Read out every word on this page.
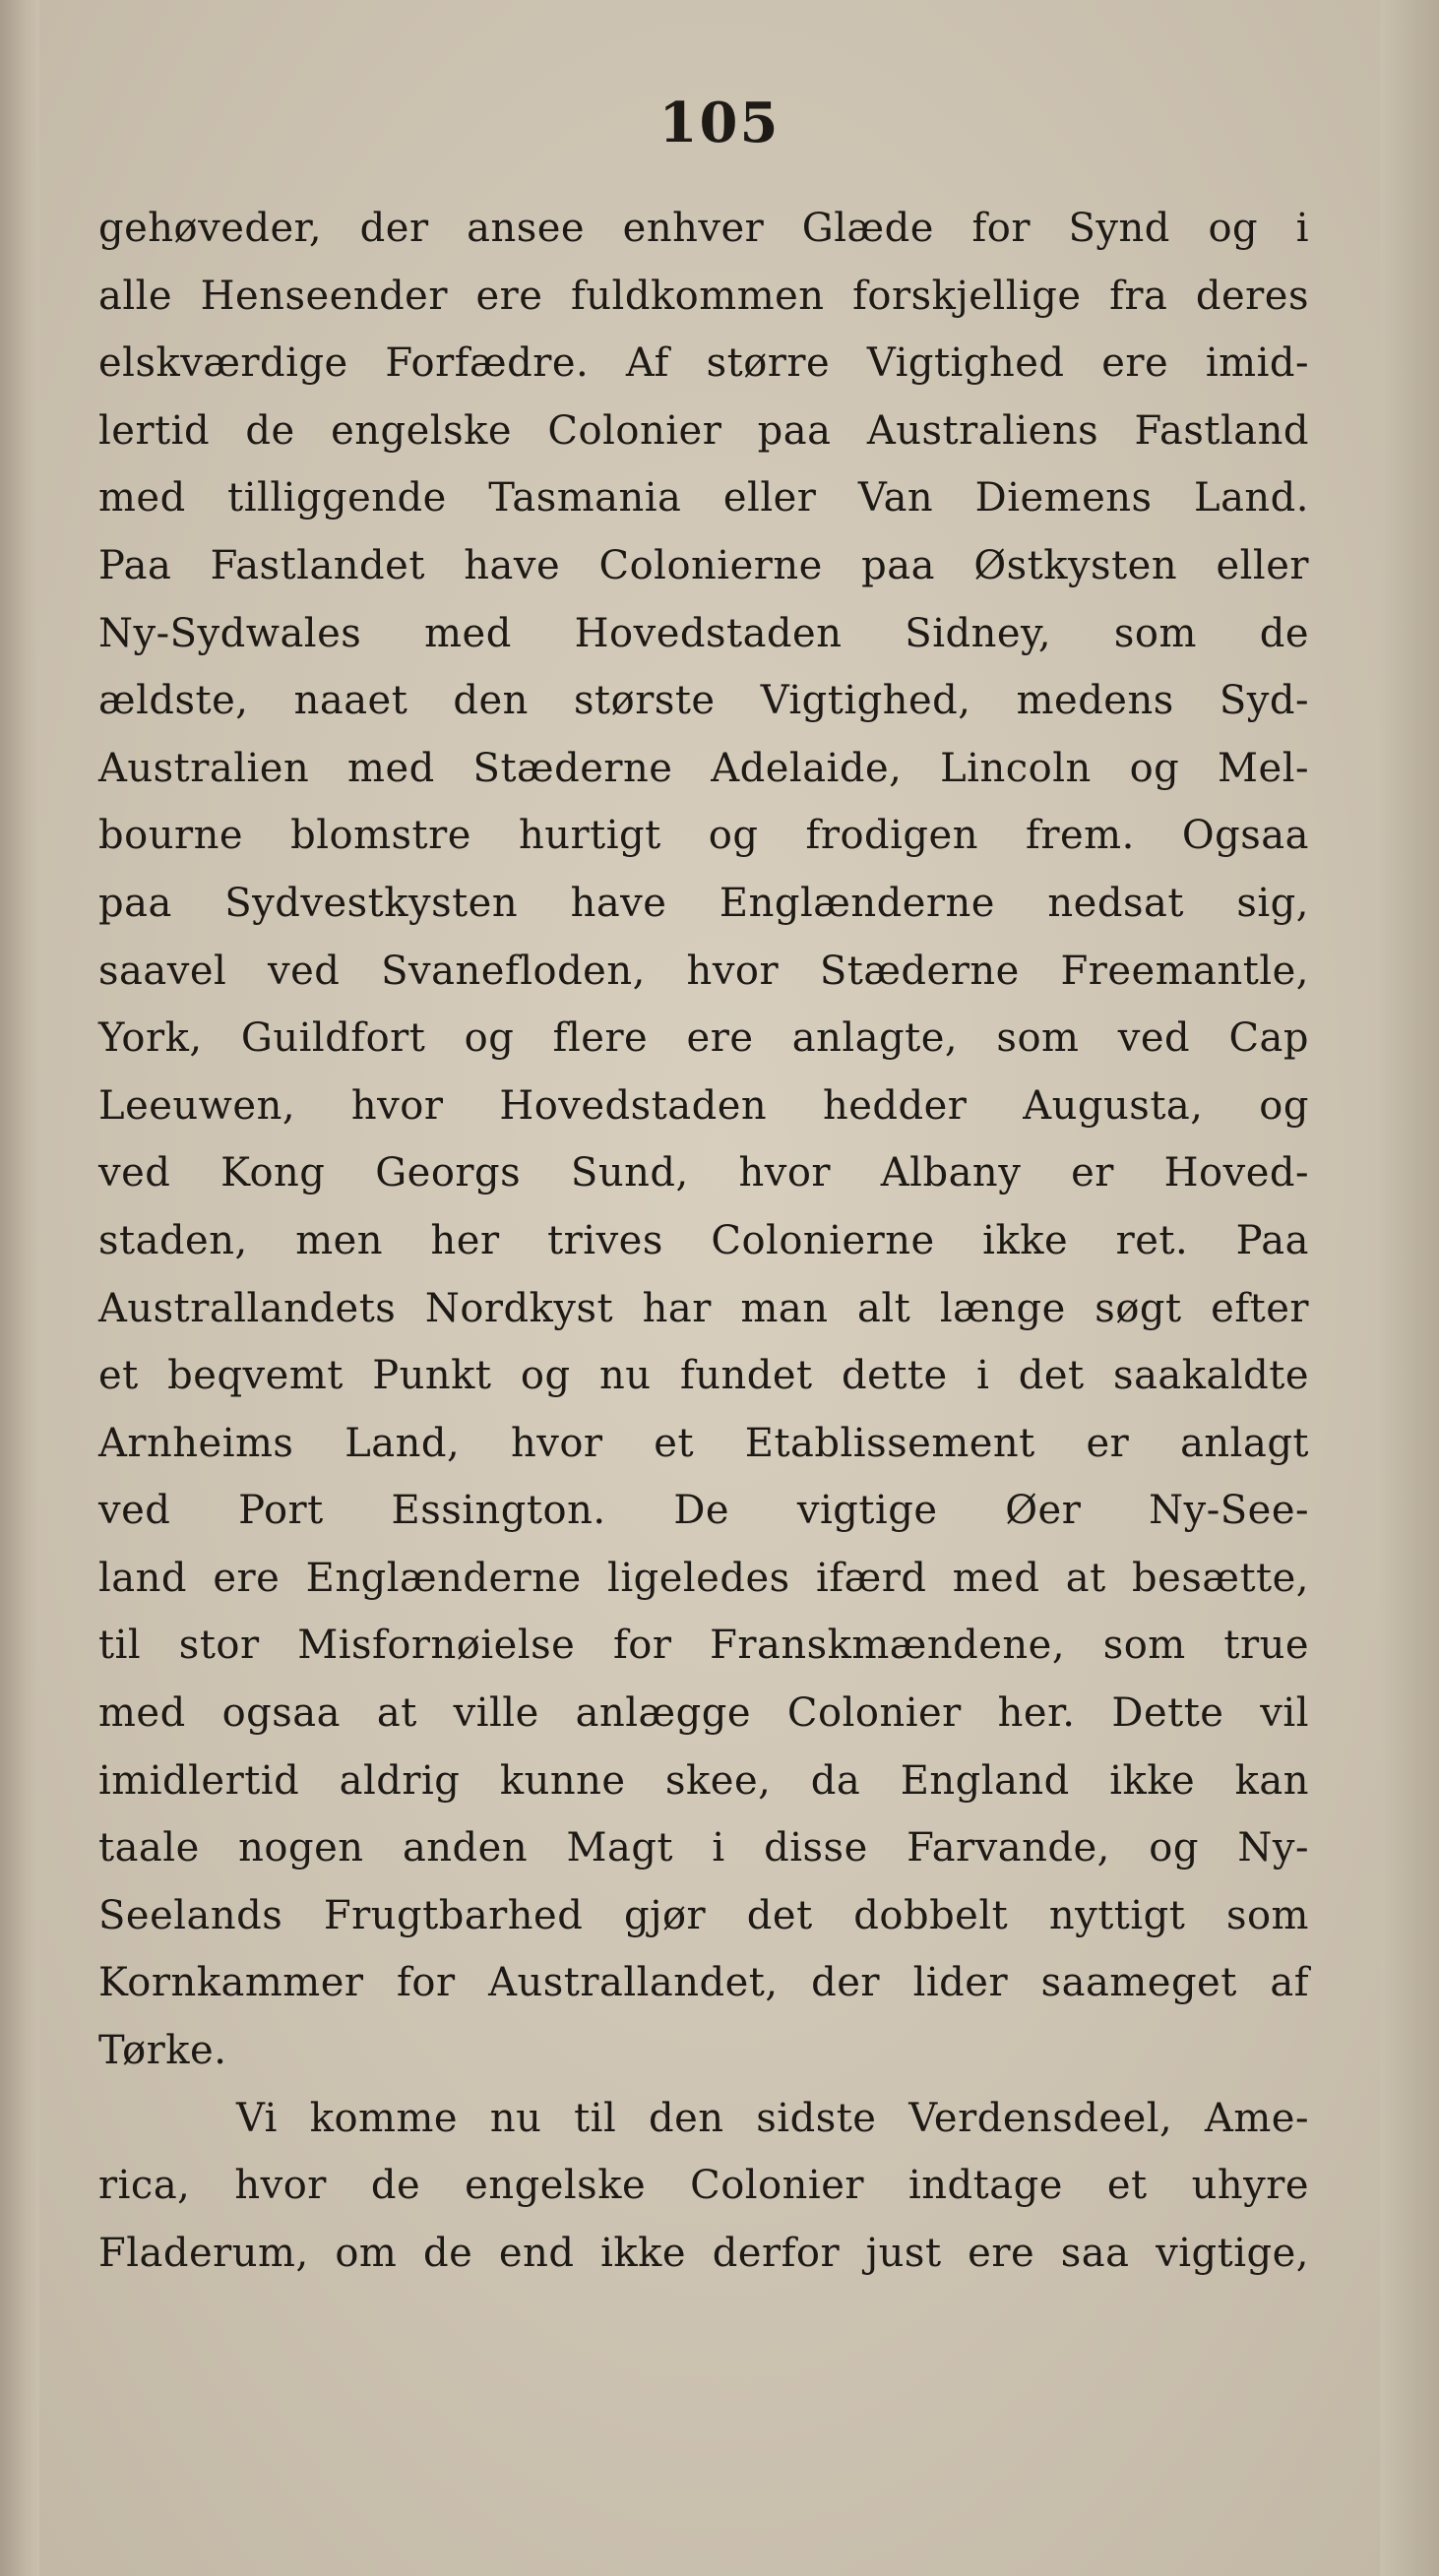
105
gehøveder, der ansee enhver Glæde for Synd og i
alle Henseender ere fuldkommen forskjellige fra deres
elskværdige Forfædre. Af større Vigtighed ere imid-
lertid de engelske Colonier paa Australiens Fastland
med tilliggende Tasmania eller Van Diemens Land.
Paa Fastlandet have Colonierne paa Østkysten eller
Ny-Sydwales med Hovedstaden Sidney, som de
ældste, naaet den største Vigtighed, medens Syd-
Australien med Stæderne Adelaide, Lincoln og Mel-
bourne blomstre hurtigt og frodigen frem. Ogsaa
paa Sydvestkysten have Englænderne nedsat sig,
saavel ved Svanefloden, hvor Stæderne Freemantle,
York, Guildfort og flere ere anlagte, som ved Cap
Leeuwen, hvor Hovedstaden hedder Augusta, og
ved Kong Georgs Sund, hvor Albany er Hoved-
staden, men her trives Colonierne ikke ret. Paa
Australlandets Nordkyst har man alt længe søgt efter
et beqvemt Punkt og nu fundet dette i det saakaldte
Arnheims Land, hvor et Etablissement er anlagt
ved Port Essington. De vigtige Øer Ny-See-
land ere Englænderne ligeledes ifærd med at besætte,
til stor Misfornøielse for Franskmændene, som true
med ogsaa at ville anlægge Colonier her. Dette vil
imidlertid aldrig kunne skee, da England ikke kan
taale nogen anden Magt i disse Farvande, og Ny-
Seelands Frugtbarhed gjør det dobbelt nyttigt som
Kornkammer for Australlandet, der lider saameget af
Tørke.
Vi komme nu til den sidste Verdensdeel, Ame-
rica, hvor de engelske Colonier indtage et uhyre
Fladerum, om de end ikke derfor just ere saa vigtige,
